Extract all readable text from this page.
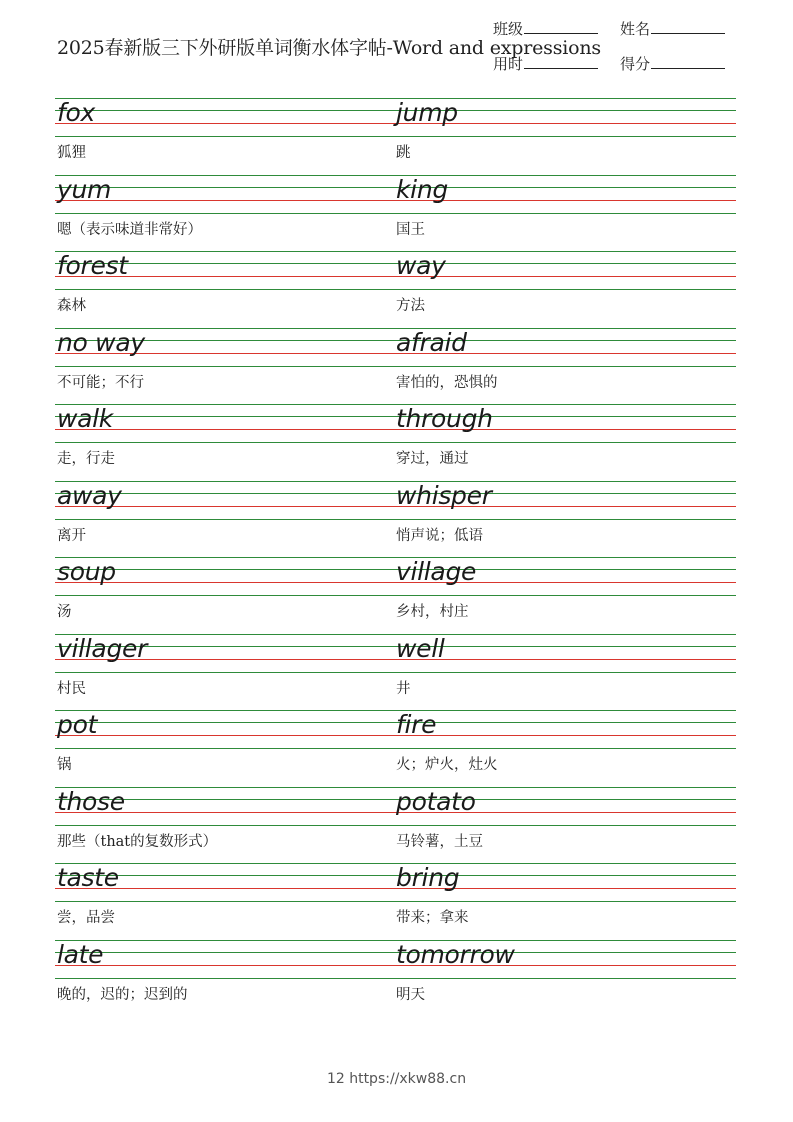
2025春新版三下外研版单词衡水体字帖-Word and expressions
班级	姓名
用时	得分
fox
狐狸
jump
跳
yum
嗯（表示味道非常好）
king
国王
forest
森林
way
方法
no way
不可能；不行
afraid
害怕的，恐惧的
walk
走，行走
through
穿过，通过
away
离开
whisper
悄声说；低语
soup
汤
village
乡村，村庄
villager
村民
well
井
pot
锅
fire
火；炉火，灶火
those
那些（that的复数形式）
potato
马铃薯，土豆
taste
尝，品尝
bring
带来；拿来
late
晚的，迟的；迟到的
tomorrow
明天
12 https://xkw88.cn
